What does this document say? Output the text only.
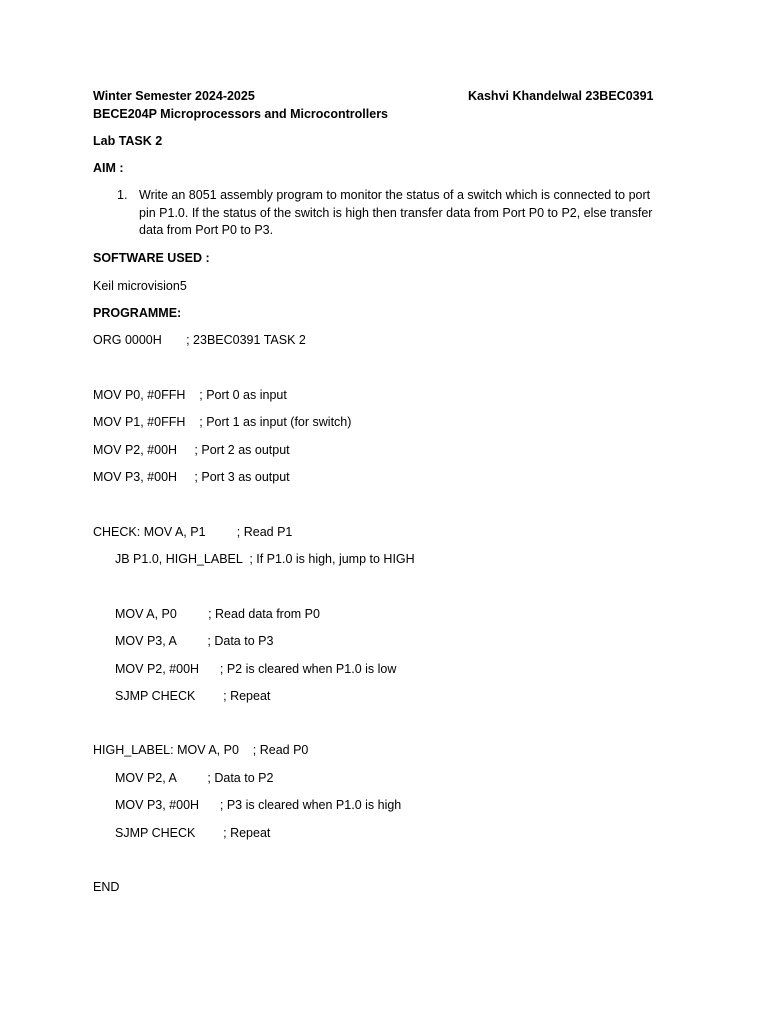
Winter Semester 2024-2025	Kashvi Khandelwal 23BEC0391
BECE204P Microprocessors and Microcontrollers
Lab TASK 2
AIM :
1. Write an 8051 assembly program to monitor the status of a switch which is connected to port pin P1.0. If the status of the switch is high then transfer data from Port P0 to P2, else transfer data from Port P0 to P3.
SOFTWARE USED :
Keil microvision5
PROGRAMME:
ORG 0000H       ; 23BEC0391 TASK 2
MOV P0, #0FFH    ; Port 0 as input
MOV P1, #0FFH    ; Port 1 as input (for switch)
MOV P2, #00H     ; Port 2 as output
MOV P3, #00H     ; Port 3 as output
CHECK: MOV A, P1         ; Read P1
JB P1.0, HIGH_LABEL  ; If P1.0 is high, jump to HIGH
MOV A, P0         ; Read data from P0
MOV P3, A         ; Data to P3
MOV P2, #00H      ; P2 is cleared when P1.0 is low
SJMP CHECK        ; Repeat
HIGH_LABEL: MOV A, P0    ; Read P0
MOV P2, A         ; Data to P2
MOV P3, #00H      ; P3 is cleared when P1.0 is high
SJMP CHECK        ; Repeat
END
